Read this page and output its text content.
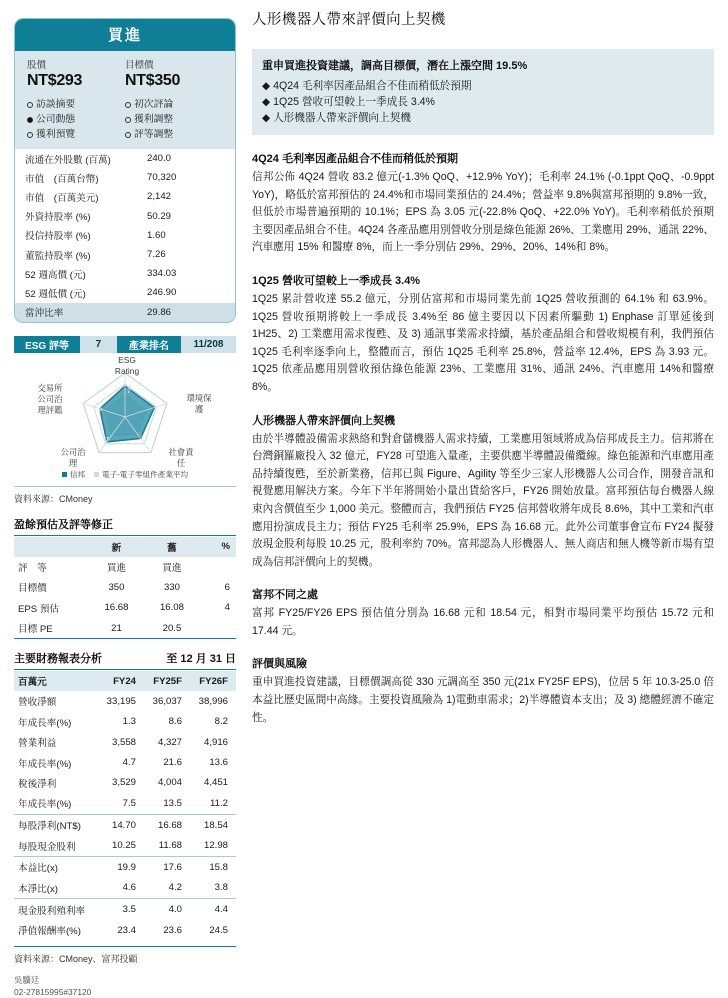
買進
股價
NT$293
目標價
NT$350
訪談摘要
公司動態
獲利預覽
初次評論
獲利調整
評等調整
流通在外股數 (百萬)	240.0
市值　(百萬台幣)	70,320
市值　(百萬美元)	2,142
外資持股率 (%)	50.29
投信持股率 (%)	1.60
董監持股率 (%)	7.26
52 週高價 (元)	334.03
52 週低價 (元)	246.90
當沖比率	29.86
ESG 評等	7	產業排名	11/208
7
7
6
7
6
ESG
Rating
環境保
護
社會責
任
公司治
理
交易所
公司治
理評鑑
信邦	電子-電子零組件產業平均
資料來源：CMoney
盈餘預估及評等修正
	新	舊	%
評　等	買進	買進	
目標價	350	330	6
EPS 預估	16.68	16.08	4
目標 PE	21	20.5	
主要財務報表分析	至 12 月 31 日
百萬元	FY24	FY25F	FY26F
營收淨額	33,195	36,037	38,996
年成長率(%)	1.3	8.6	8.2
營業利益	3,558	4,327	4,916
年成長率(%)	4.7	21.6	13.6
稅後淨利	3,529	4,004	4,451
年成長率(%)	7.5	13.5	11.2

每股淨利(NT$)	14.70	16.68	18.54
每股現金股利	10.25	11.68	12.98

本益比(x)	19.9	17.6	15.8
本淨比(x)	4.6	4.2	3.8

現金股利殖利率	3.5	4.0	4.4
淨值報酬率(%)	23.4	23.6	24.5
資料來源：CMoney、富邦投顧
吳驥廷
02-27815995#37120
人形機器人帶來評價向上契機
重申買進投資建議，調高目標價，潛在上漲空間 19.5%
◆ 4Q24 毛利率因產品組合不佳而稍低於預期
◆ 1Q25 營收可望較上一季成長 3.4%
◆ 人形機器人帶來評價向上契機
4Q24 毛利率因產品組合不佳而稍低於預期
信邦公佈 4Q24 營收 83.2 億元(-1.3% QoQ、+12.9% YoY)；毛利率 24.1% (-0.1ppt QoQ、-0.9ppt YoY)，略低於富邦預估的 24.4%和市場同業預估的 24.4%；營益率 9.8%與富邦預期的 9.8%一致，但低於市場普遍預期的 10.1%；EPS 為 3.05 元(-22.8% QoQ、+22.0% YoY)。毛利率稍低於預期主要因產品組合不佳。4Q24 各產品應用別營收分別是綠色能源 26%、工業應用 29%、通訊 22%、汽車應用 15% 和醫療 8%，而上一季分別佔 29%、29%、20%、14%和 8%。
1Q25 營收可望較上一季成長 3.4%
1Q25 累計營收達 55.2 億元，分別佔富邦和市場同業先前 1Q25 營收預測的 64.1% 和 63.9%。1Q25 營收預期將較上一季成長 3.4%至 86 億主要因以下因素所驅動 1) Enphase 訂單延後到 1H25、2) 工業應用需求復甦、及 3) 通訊事業需求持續，基於產品組合和營收規模有利，我們預估 1Q25 毛利率逐季向上，整體而言，預估 1Q25 毛利率 25.8%，營益率 12.4%，EPS 為 3.93 元。1Q25 依產品應用別營收預估綠色能源 23%、工業應用 31%、通訊 24%、汽車應用 14%和醫療 8%。
人形機器人帶來評價向上契機
由於半導體設備需求熱絡和對倉儲機器人需求持續，工業應用領域將成為信邦成長主力。信邦將在台灣銅羅廠投入 32 億元，FY28 可望進入量產，主要供應半導體設備纜線。綠色能源和汽車應用產品持續復甦，至於新業務，信邦已與 Figure、Agility 等至少三家人形機器人公司合作，開發音訊和視覺應用解決方案。今年下半年將開始小量出貨給客戶，FY26 開始放量。富邦預估每台機器人線束內含價值至少 1,000 美元。整體而言，我們預估 FY25 信邦營收將年成長 8.6%，其中工業和汽車應用扮演成長主力；預估 FY25 毛利率 25.9%，EPS 為 16.68 元。此外公司董事會宣布 FY24 擬發放現金股利每股 10.25 元，股利率約 70%。富邦認為人形機器人、無人商店和無人機等新市場有望成為信邦評價向上的契機。
富邦不同之處
富邦 FY25/FY26 EPS 預估值分別為 16.68 元和 18.54 元，相對市場同業平均預估 15.72 元和 17.44 元。
評價與風險
重申買進投資建議，目標價調高從 330 元調高至 350 元(21x FY25F EPS)，位居 5 年 10.3-25.0 倍本益比歷史區間中高緣。主要投資風險為 1)電動車需求；2)半導體資本支出；及 3) 總體經濟不確定性。
